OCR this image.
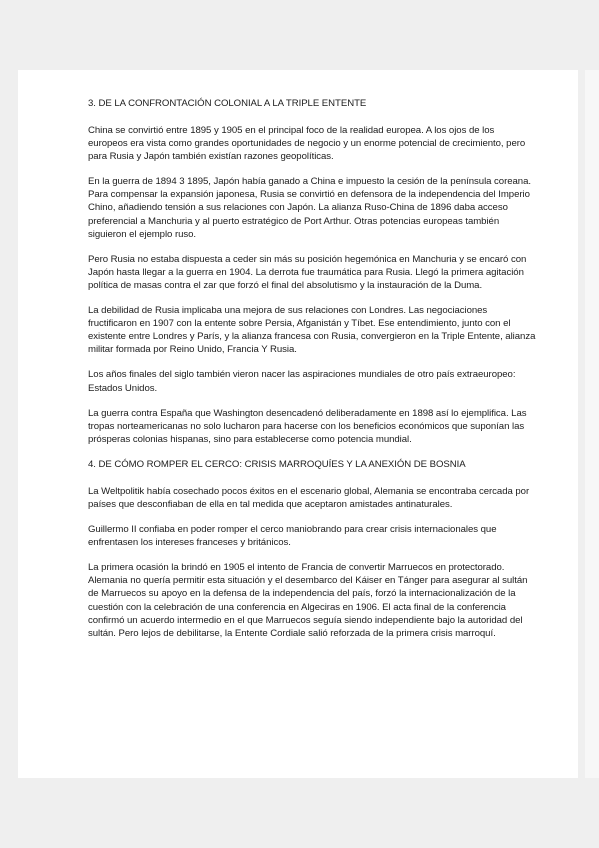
3. DE LA CONFRONTACIÓN COLONIAL A LA TRIPLE ENTENTE

China se convirtió entre 1895 y 1905 en el principal foco de la realidad europea. A los ojos de los europeos era vista como grandes oportunidades de negocio y un enorme potencial de crecimiento, pero para Rusia y Japón también existían razones geopolíticas.

En la guerra de 1894 3 1895, Japón había ganado a China e impuesto la cesión de la península coreana. Para compensar la expansión japonesa, Rusia se convirtió en defensora de la independencia del Imperio Chino, añadiendo tensión a sus relaciones con Japón. La alianza Ruso-China de 1896 daba acceso preferencial a Manchuria y al puerto estratégico de Port Arthur. Otras potencias europeas también siguieron el ejemplo ruso.

Pero Rusia no estaba dispuesta a ceder sin más su posición hegemónica en Manchuria y se encaró con Japón hasta llegar a la guerra en 1904. La derrota fue traumática para Rusia. Llegó la primera agitación política de masas contra el zar que forzó el final del absolutismo y la instauración de la Duma.

La debilidad de Rusia implicaba una mejora de sus relaciones con Londres. Las negociaciones fructificaron en 1907 con la entente sobre Persia, Afganistán y Tíbet. Ese entendimiento, junto con el existente entre Londres y París, y la alianza francesa con Rusia, convergieron en la Triple Entente, alianza militar formada por Reino Unido, Francia Y Rusia.

Los años finales del siglo también vieron nacer las aspiraciones mundiales de otro país extraeuropeo: Estados Unidos.

La guerra contra España que Washington desencadenó deliberadamente en 1898 así lo ejemplifica. Las tropas norteamericanas no solo lucharon para hacerse con los beneficios económicos que suponían las prósperas colonias hispanas, sino para establecerse como potencia mundial.

4. DE CÓMO ROMPER EL CERCO: CRISIS MARROQUÍES Y LA ANEXIÓN DE BOSNIA

La Weltpolitik había cosechado pocos éxitos en el escenario global, Alemania se encontraba cercada por países que desconfiaban de ella en tal medida que aceptaron amistades antinaturales.

Guillermo II confiaba en poder romper el cerco maniobrando para crear crisis internacionales que enfrentasen los intereses franceses y británicos.

La primera ocasión la brindó en 1905 el intento de Francia de convertir Marruecos en protectorado. Alemania no quería permitir esta situación y el desembarco del Káiser en Tánger para asegurar al sultán de Marruecos su apoyo en la defensa de la independencia del país, forzó la internacionalización de la cuestión con la celebración de una conferencia en Algeciras en 1906. El acta final de la conferencia confirmó un acuerdo intermedio en el que Marruecos seguía siendo independiente bajo la autoridad del sultán. Pero lejos de debilitarse, la Entente Cordiale salió reforzada de la primera crisis marroquí.
